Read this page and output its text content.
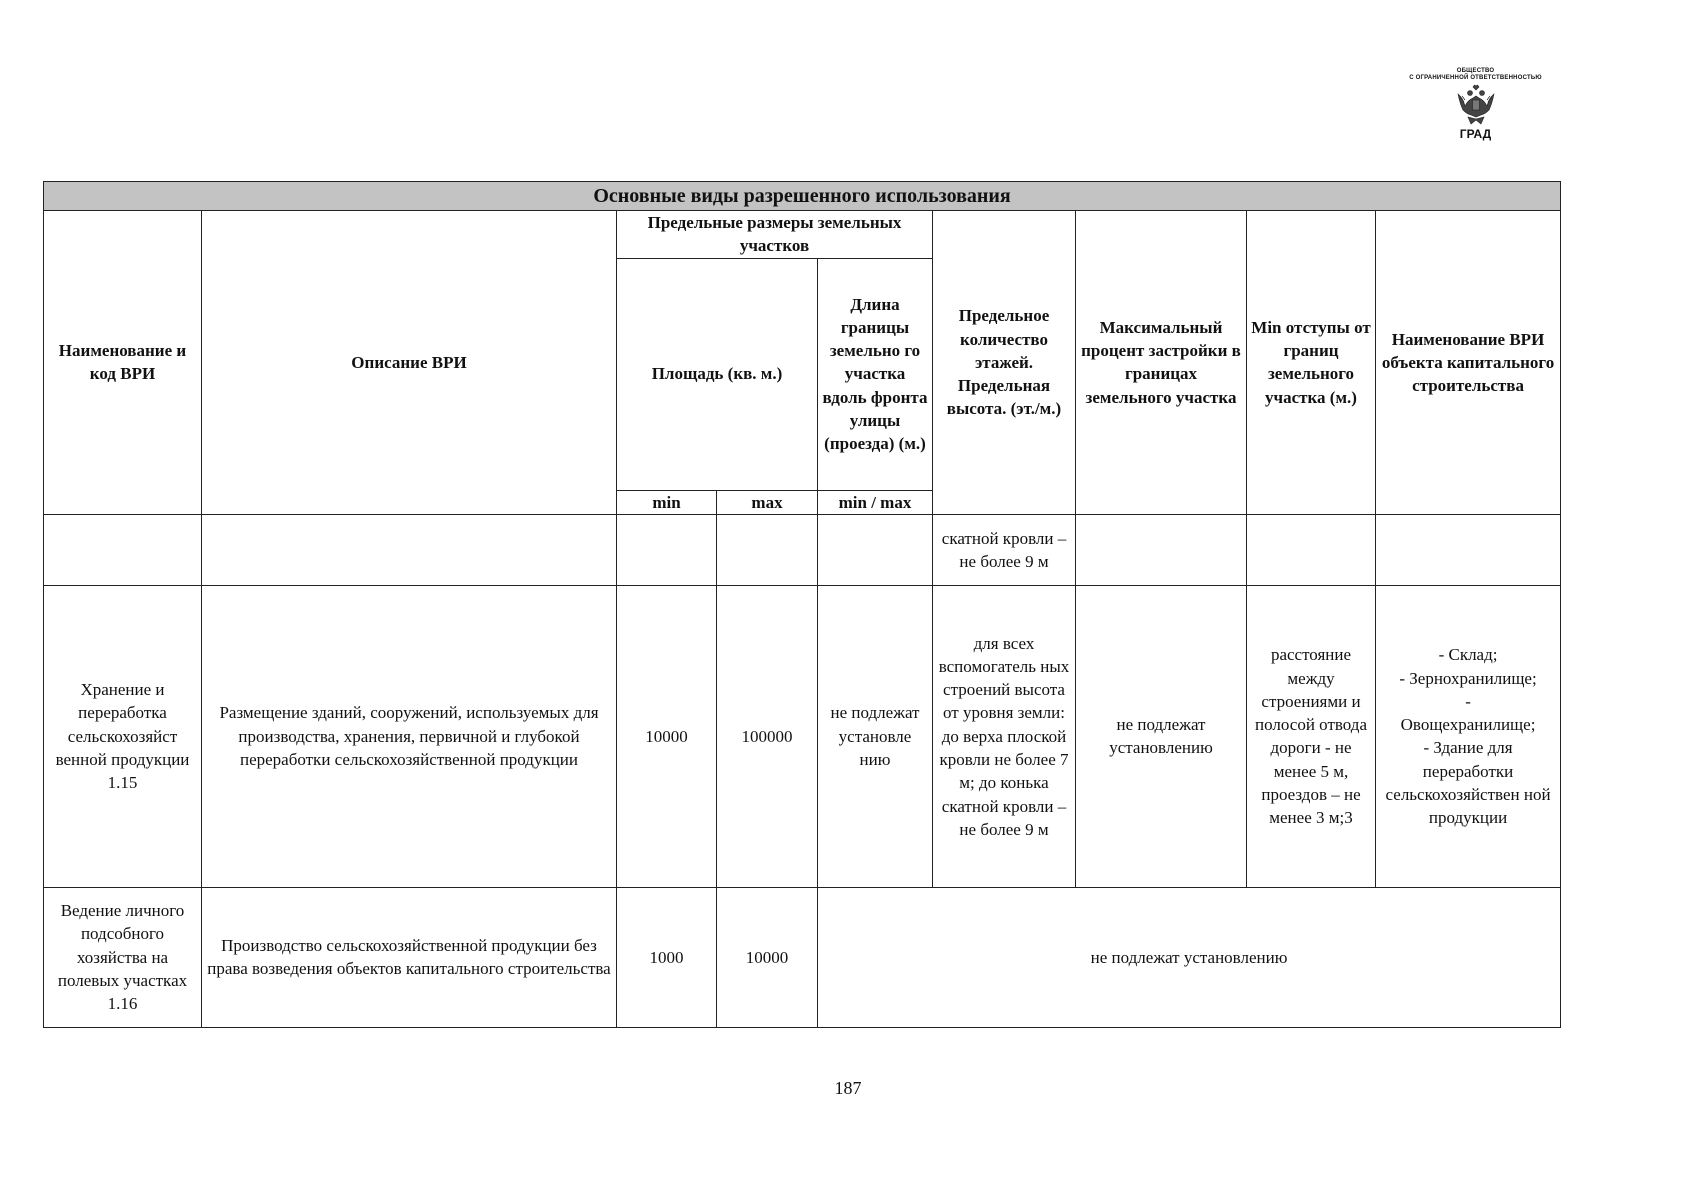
ОБЩЕСТВО
С ОГРАНИЧЕННОЙ ОТВЕТСТВЕННОСТЬЮ
ГРАД
Основные виды разрешенного использования								
Наименование и код ВРИ	Описание ВРИ	Предельные размеры земельных участков			Предельное количество этажей. Предельная высота. (эт./м.)	Максимальный процент застройки в границах земельного участка	Min отступы от границ земельного участка (м.)	Наименование ВРИ объекта капитального строительства
		Площадь (кв. м.)		Длина границы земельно го участка вдоль фронта улицы (проезда) (м.)				
		min	max	min / max				
					скатной кровли – не более 9 м			
Хранение и переработка сельскохозяйст венной продукции 1.15	Размещение зданий, сооружений, используемых для производства, хранения, первичной и глубокой переработки сельскохозяйственной продукции	10000	100000	не подлежат установле нию	для всех вспомогатель ных строений высота от уровня земли: до верха плоской кровли не более 7 м; до конька скатной кровли – не более 9 м	не подлежат установлению	расстояние между строениями и полосой отвода дороги - не менее 5 м, проездов – не менее 3 м;3	- Склад;
- Зернохранилище;
-
Овощехранилище;
- Здание для переработки сельскохозяйствен ной продукции
Ведение личного подсобного хозяйства на полевых участках 1.16	Производство сельскохозяйственной продукции без права возведения объектов капитального строительства	1000	10000	не подлежат установлению				
187
